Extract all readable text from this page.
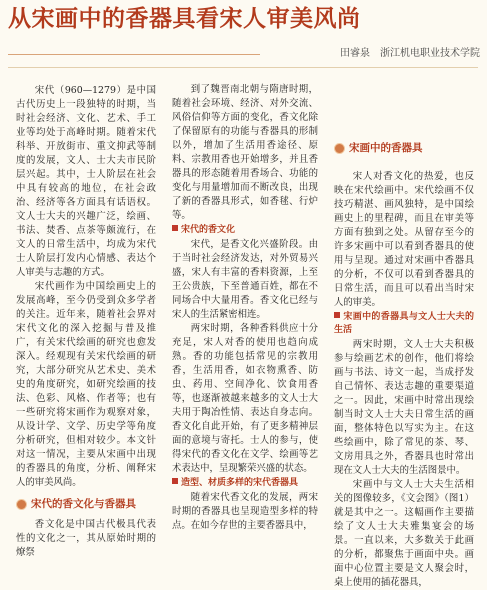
从宋画中的香器具看宋人审美风尚
田睿泉　浙江机电职业技术学院

宋代（960—1279）是中国古代历史上一段独特的时期，当时社会经济、文化、艺术、手工业等均处于高峰时期。随着宋代科举、开放街市、重文抑武等制度的发展，文人、士大夫市民阶层兴起。其中，士人阶层在社会中具有较高的地位，在社会政治、经济等各方面具有话语权。文人士大夫的兴趣广泛，绘画、书法、焚香、点茶等颇流行，在文人的日常生活中，均成为宋代士人阶层打发内心情感、表达个人审美与志趣的方式。

宋代画作为中国绘画史上的发展高峰，至今仍受到众多学者的关注。近年来，随着社会界对宋代文化的深入挖掘与普及推广，有关宋代绘画的研究也愈发深入。经观现有关宋代绘画的研究，大部分研究从艺术史、美术史的角度研究，如研究绘画的技法、色彩、风格、作者等；也有一些研究将宋画作为观察对象，从设计学、文学、历史学等角度分析研究，但相对较少。本文针对这一情况，主要从宋画中出现的香器具的角度，分析、阐释宋人的审美风尚。

宋代的香文化与香器具

香文化是中国古代极具代表性的文化之一，其从原始时期的燎祭

到了魏晋南北朝与隋唐时期，随着社会环境、经济、对外交流、风俗信仰等方面的变化，香文化除了保留原有的功能与香器具的形制以外，增加了生活用香途径、原料、宗教用香也开始增多，并且香器具的形态随着用香场合、功能的变化与用量增加而不断改良，出现了新的香器具形式，如香毬、行炉等。

宋代的香文化

宋代，是香文化兴盛阶段。由于当时社会经济发达，对外贸易兴盛，宋人有丰富的香料资源，上至王公贵族，下至普通百姓，都在不同场合中大量用香。香文化已经与宋人的生活紧密相连。

两宋时期，各种香料供应十分充足，宋人对香的使用也趋向成熟。香的功能包括常见的宗教用香，生活用香，如衣物熏香、防虫、药用、空间净化、饮食用香等，也逐渐被越来越多的文人士大夫用于陶冶性情、表达自身志向。香文化自此开始，有了更多精神层面的意境与寄托。士人的参与，使得宋代的香文化在文学、绘画等艺术表达中，呈现繁荣兴盛的状态。

造型、材质多样的宋代香器具

随着宋代香文化的发展，两宋时期的香器具也呈现造型多样的特点。在如今存世的主要香器具中，

宋画中的香器具

宋人对香文化的热爱，也反映在宋代绘画中。宋代绘画不仅技巧精湛、画风独特，是中国绘画史上的里程碑，而且在审美等方面有独到之处。从留存至今的许多宋画中可以看到香器具的使用与呈现。通过对宋画中香器具的分析，不仅可以看到香器具的日常生活，而且可以看出当时宋人的审美。

宋画中的香器具与文人士大夫的生活

两宋时期，文人士大夫积极参与绘画艺术的创作，他们将绘画与书法、诗文一起，当成抒发自己情怀、表达志趣的重要渠道之一。因此，宋画中时常出现绘制当时文人士大夫日常生活的画面，整体特色以写实为主。在这些绘画中，除了常见的茶、琴、文房用具之外，香器具也时常出现在文人士大夫的生活图景中。

宋画中与文人士大夫生活相关的图像较多，《文会图》（图1）就是其中之一。这幅画作主要描绘了文人士大夫雅集宴会的场景。一直以来，大多数关于此画的分析，都聚焦于画面中央。画面中心位置主要是文人聚会时，桌上使用的插花器具，
